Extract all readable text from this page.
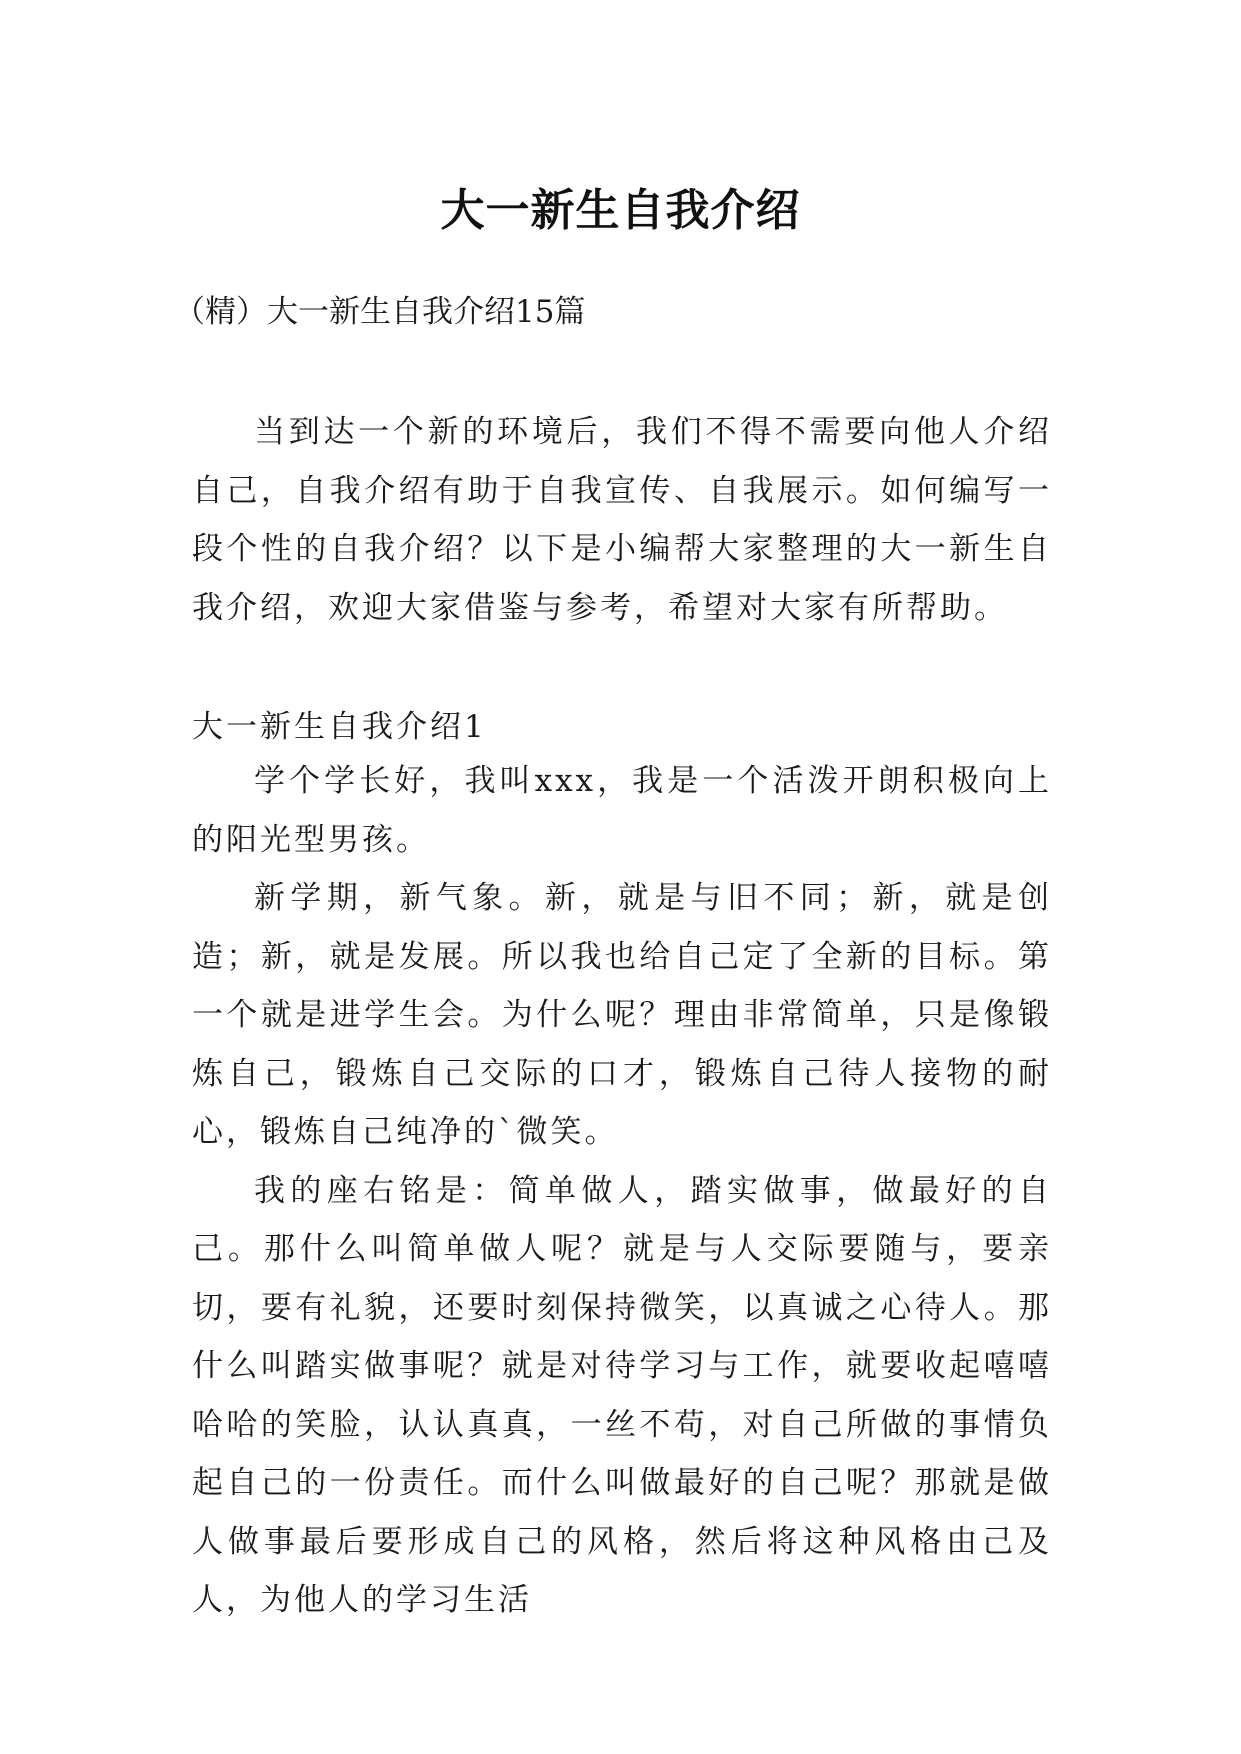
大一新生自我介绍
（精）大一新生自我介绍15篇

当到达一个新的环境后，我们不得不需要向他人介绍自己，自我介绍有助于自我宣传、自我展示。如何编写一段个性的自我介绍？以下是小编帮大家整理的大一新生自我介绍，欢迎大家借鉴与参考，希望对大家有所帮助。

大一新生自我介绍1

学个学长好，我叫xxx，我是一个活泼开朗积极向上的阳光型男孩。

新学期，新气象。新，就是与旧不同；新，就是创造；新，就是发展。所以我也给自己定了全新的目标。第一个就是进学生会。为什么呢？理由非常简单，只是像锻炼自己，锻炼自己交际的口才，锻炼自己待人接物的耐心，锻炼自己纯净的`微笑。

我的座右铭是：简单做人，踏实做事，做最好的自己。那什么叫简单做人呢？就是与人交际要随与，要亲切，要有礼貌，还要时刻保持微笑，以真诚之心待人。那什么叫踏实做事呢？就是对待学习与工作，就要收起嘻嘻哈哈的笑脸，认认真真，一丝不苟，对自己所做的事情负起自己的一份责任。而什么叫做最好的自己呢？那就是做人做事最后要形成自己的风格，然后将这种风格由己及人，为他人的学习生活
